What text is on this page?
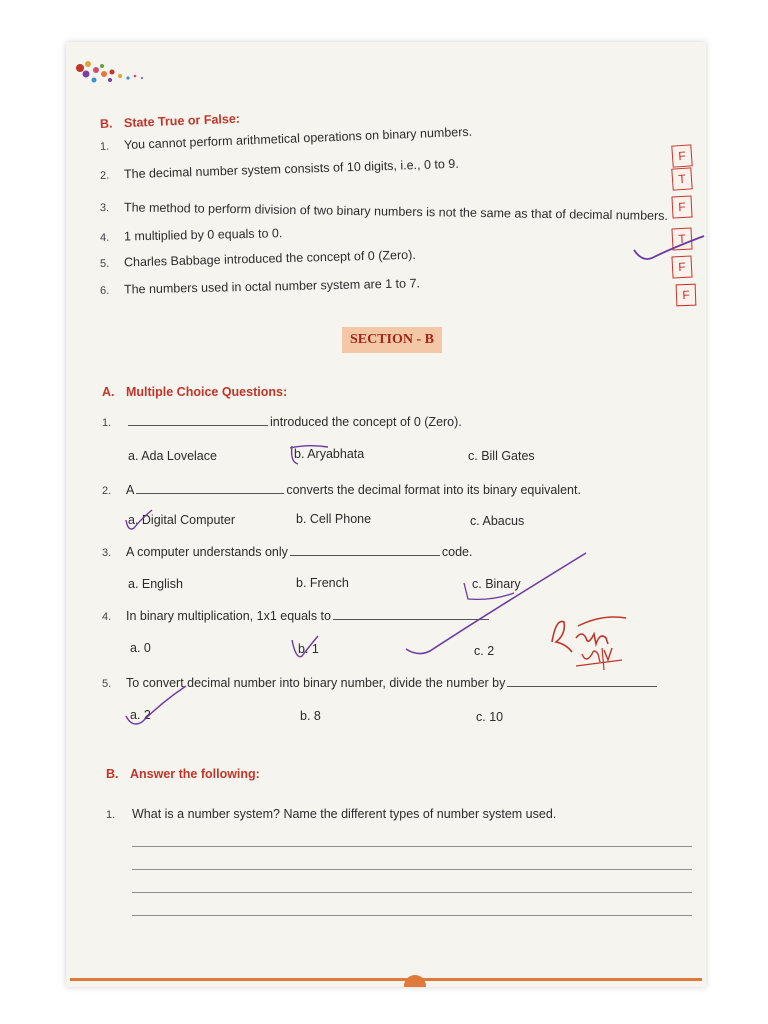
B. State True or False:
1. You cannot perform arithmetical operations on binary numbers.
2. The decimal number system consists of 10 digits, i.e., 0 to 9.
3. The method to perform division of two binary numbers is not the same as that of decimal numbers.
4. 1 multiplied by 0 equals to 0.
5. Charles Babbage introduced the concept of 0 (Zero).
6. The numbers used in octal number system are 1 to 7.
F
T
F
T
F
F
SECTION - B
A. Multiple Choice Questions:
1.	introduced the concept of 0 (Zero).
a. Ada Lovelace	b. Aryabhata	c. Bill Gates
2. A	converts the decimal format into its binary equivalent.
a. Digital Computer	b. Cell Phone	c. Abacus
3. A computer understands only	code.
a. English	b. French	c. Binary
4. In binary multiplication, 1x1 equals to
a. 0	b. 1	c. 2
5. To convert decimal number into binary number, divide the number by
a. 2	b. 8	c. 10
B. Answer the following:
1. What is a number system? Name the different types of number system used.
